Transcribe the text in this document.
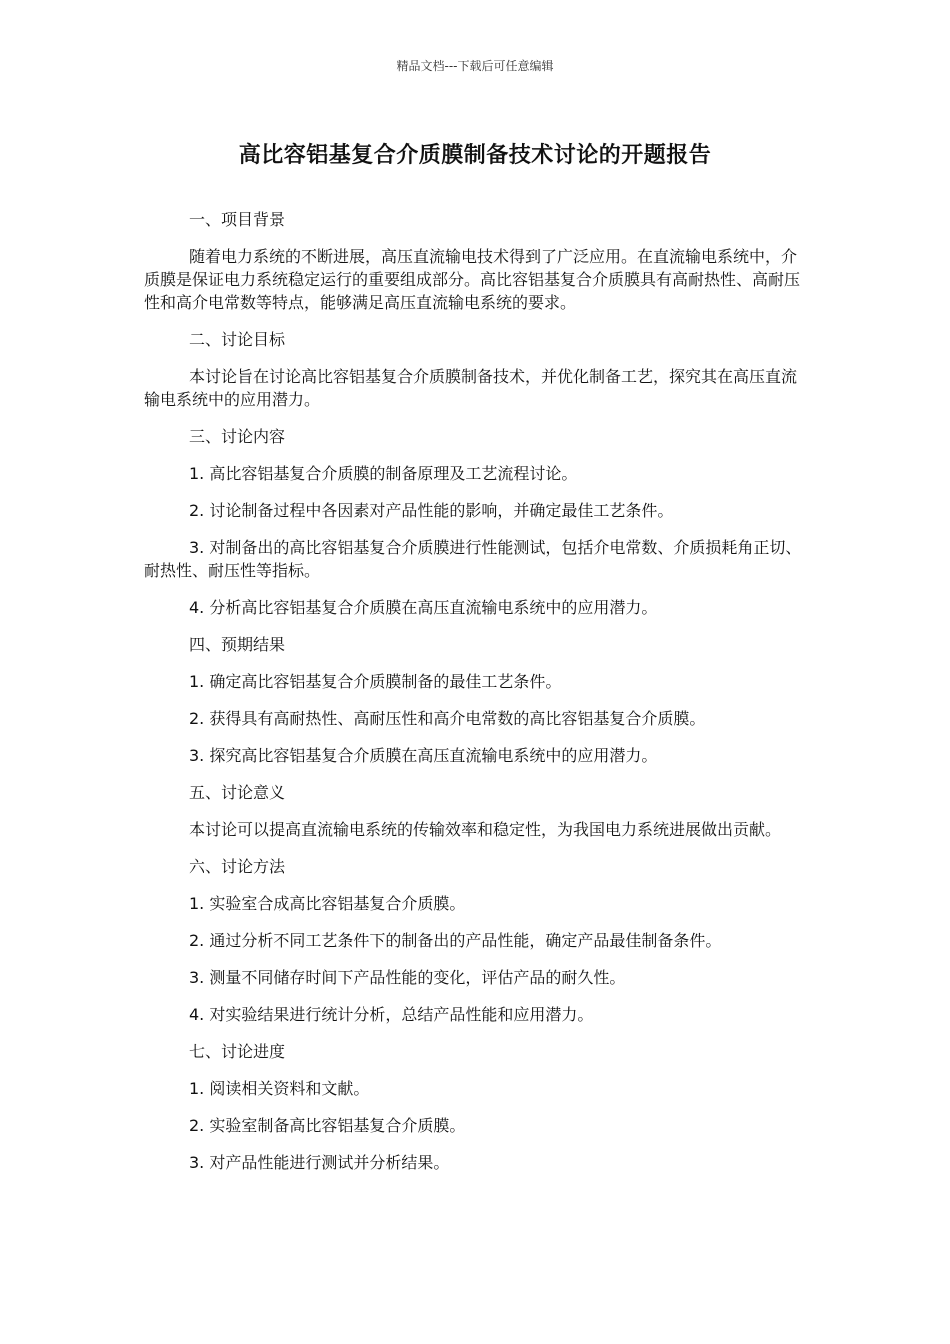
精品文档---下载后可任意编辑
高比容铝基复合介质膜制备技术讨论的开题报告

一、项目背景

随着电力系统的不断进展，高压直流输电技术得到了广泛应用。在直流输电系统中，介质膜是保证电力系统稳定运行的重要组成部分。高比容铝基复合介质膜具有高耐热性、高耐压性和高介电常数等特点，能够满足高压直流输电系统的要求。

二、讨论目标

本讨论旨在讨论高比容铝基复合介质膜制备技术，并优化制备工艺，探究其在高压直流输电系统中的应用潜力。

三、讨论内容

1. 高比容铝基复合介质膜的制备原理及工艺流程讨论。

2. 讨论制备过程中各因素对产品性能的影响，并确定最佳工艺条件。

3. 对制备出的高比容铝基复合介质膜进行性能测试，包括介电常数、介质损耗角正切、耐热性、耐压性等指标。

4. 分析高比容铝基复合介质膜在高压直流输电系统中的应用潜力。

四、预期结果

1. 确定高比容铝基复合介质膜制备的最佳工艺条件。

2. 获得具有高耐热性、高耐压性和高介电常数的高比容铝基复合介质膜。

3. 探究高比容铝基复合介质膜在高压直流输电系统中的应用潜力。

五、讨论意义

本讨论可以提高直流输电系统的传输效率和稳定性，为我国电力系统进展做出贡献。

六、讨论方法

1. 实验室合成高比容铝基复合介质膜。

2. 通过分析不同工艺条件下的制备出的产品性能，确定产品最佳制备条件。

3. 测量不同储存时间下产品性能的变化，评估产品的耐久性。

4. 对实验结果进行统计分析，总结产品性能和应用潜力。

七、讨论进度

1. 阅读相关资料和文献。

2. 实验室制备高比容铝基复合介质膜。

3. 对产品性能进行测试并分析结果。
